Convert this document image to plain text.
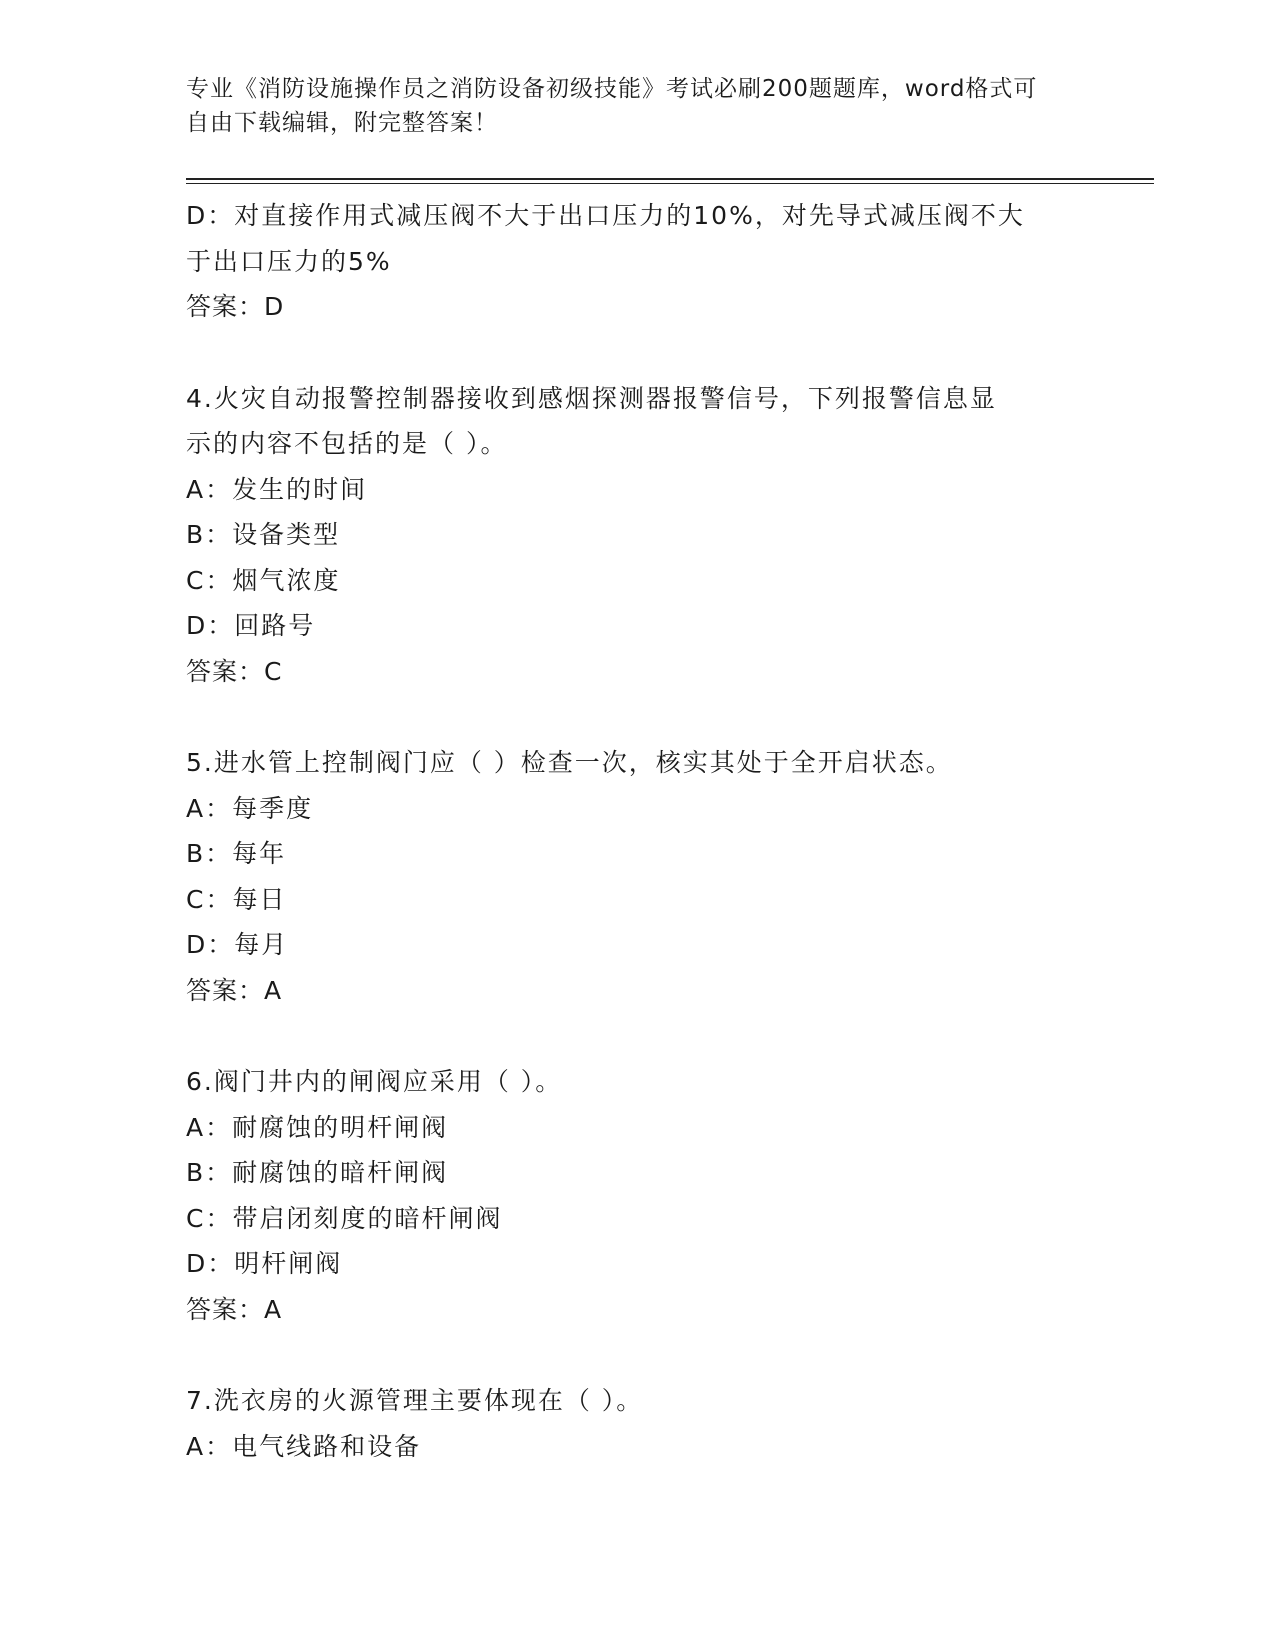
专业《消防设施操作员之消防设备初级技能》考试必刷200题题库，word格式可
自由下载编辑，附完整答案！
D：对直接作用式减压阀不大于出口压力的10%，对先导式减压阀不大
于出口压力的5%
答案：D
4.火灾自动报警控制器接收到感烟探测器报警信号，下列报警信息显
示的内容不包括的是（ ）。
A：发生的时间
B：设备类型
C：烟气浓度
D：回路号
答案：C
5.进水管上控制阀门应（ ）检查一次，核实其处于全开启状态。
A：每季度
B：每年
C：每日
D：每月
答案：A
6.阀门井内的闸阀应采用（ ）。
A：耐腐蚀的明杆闸阀
B：耐腐蚀的暗杆闸阀
C：带启闭刻度的暗杆闸阀
D：明杆闸阀
答案：A
7.洗衣房的火源管理主要体现在（ ）。
A：电气线路和设备
